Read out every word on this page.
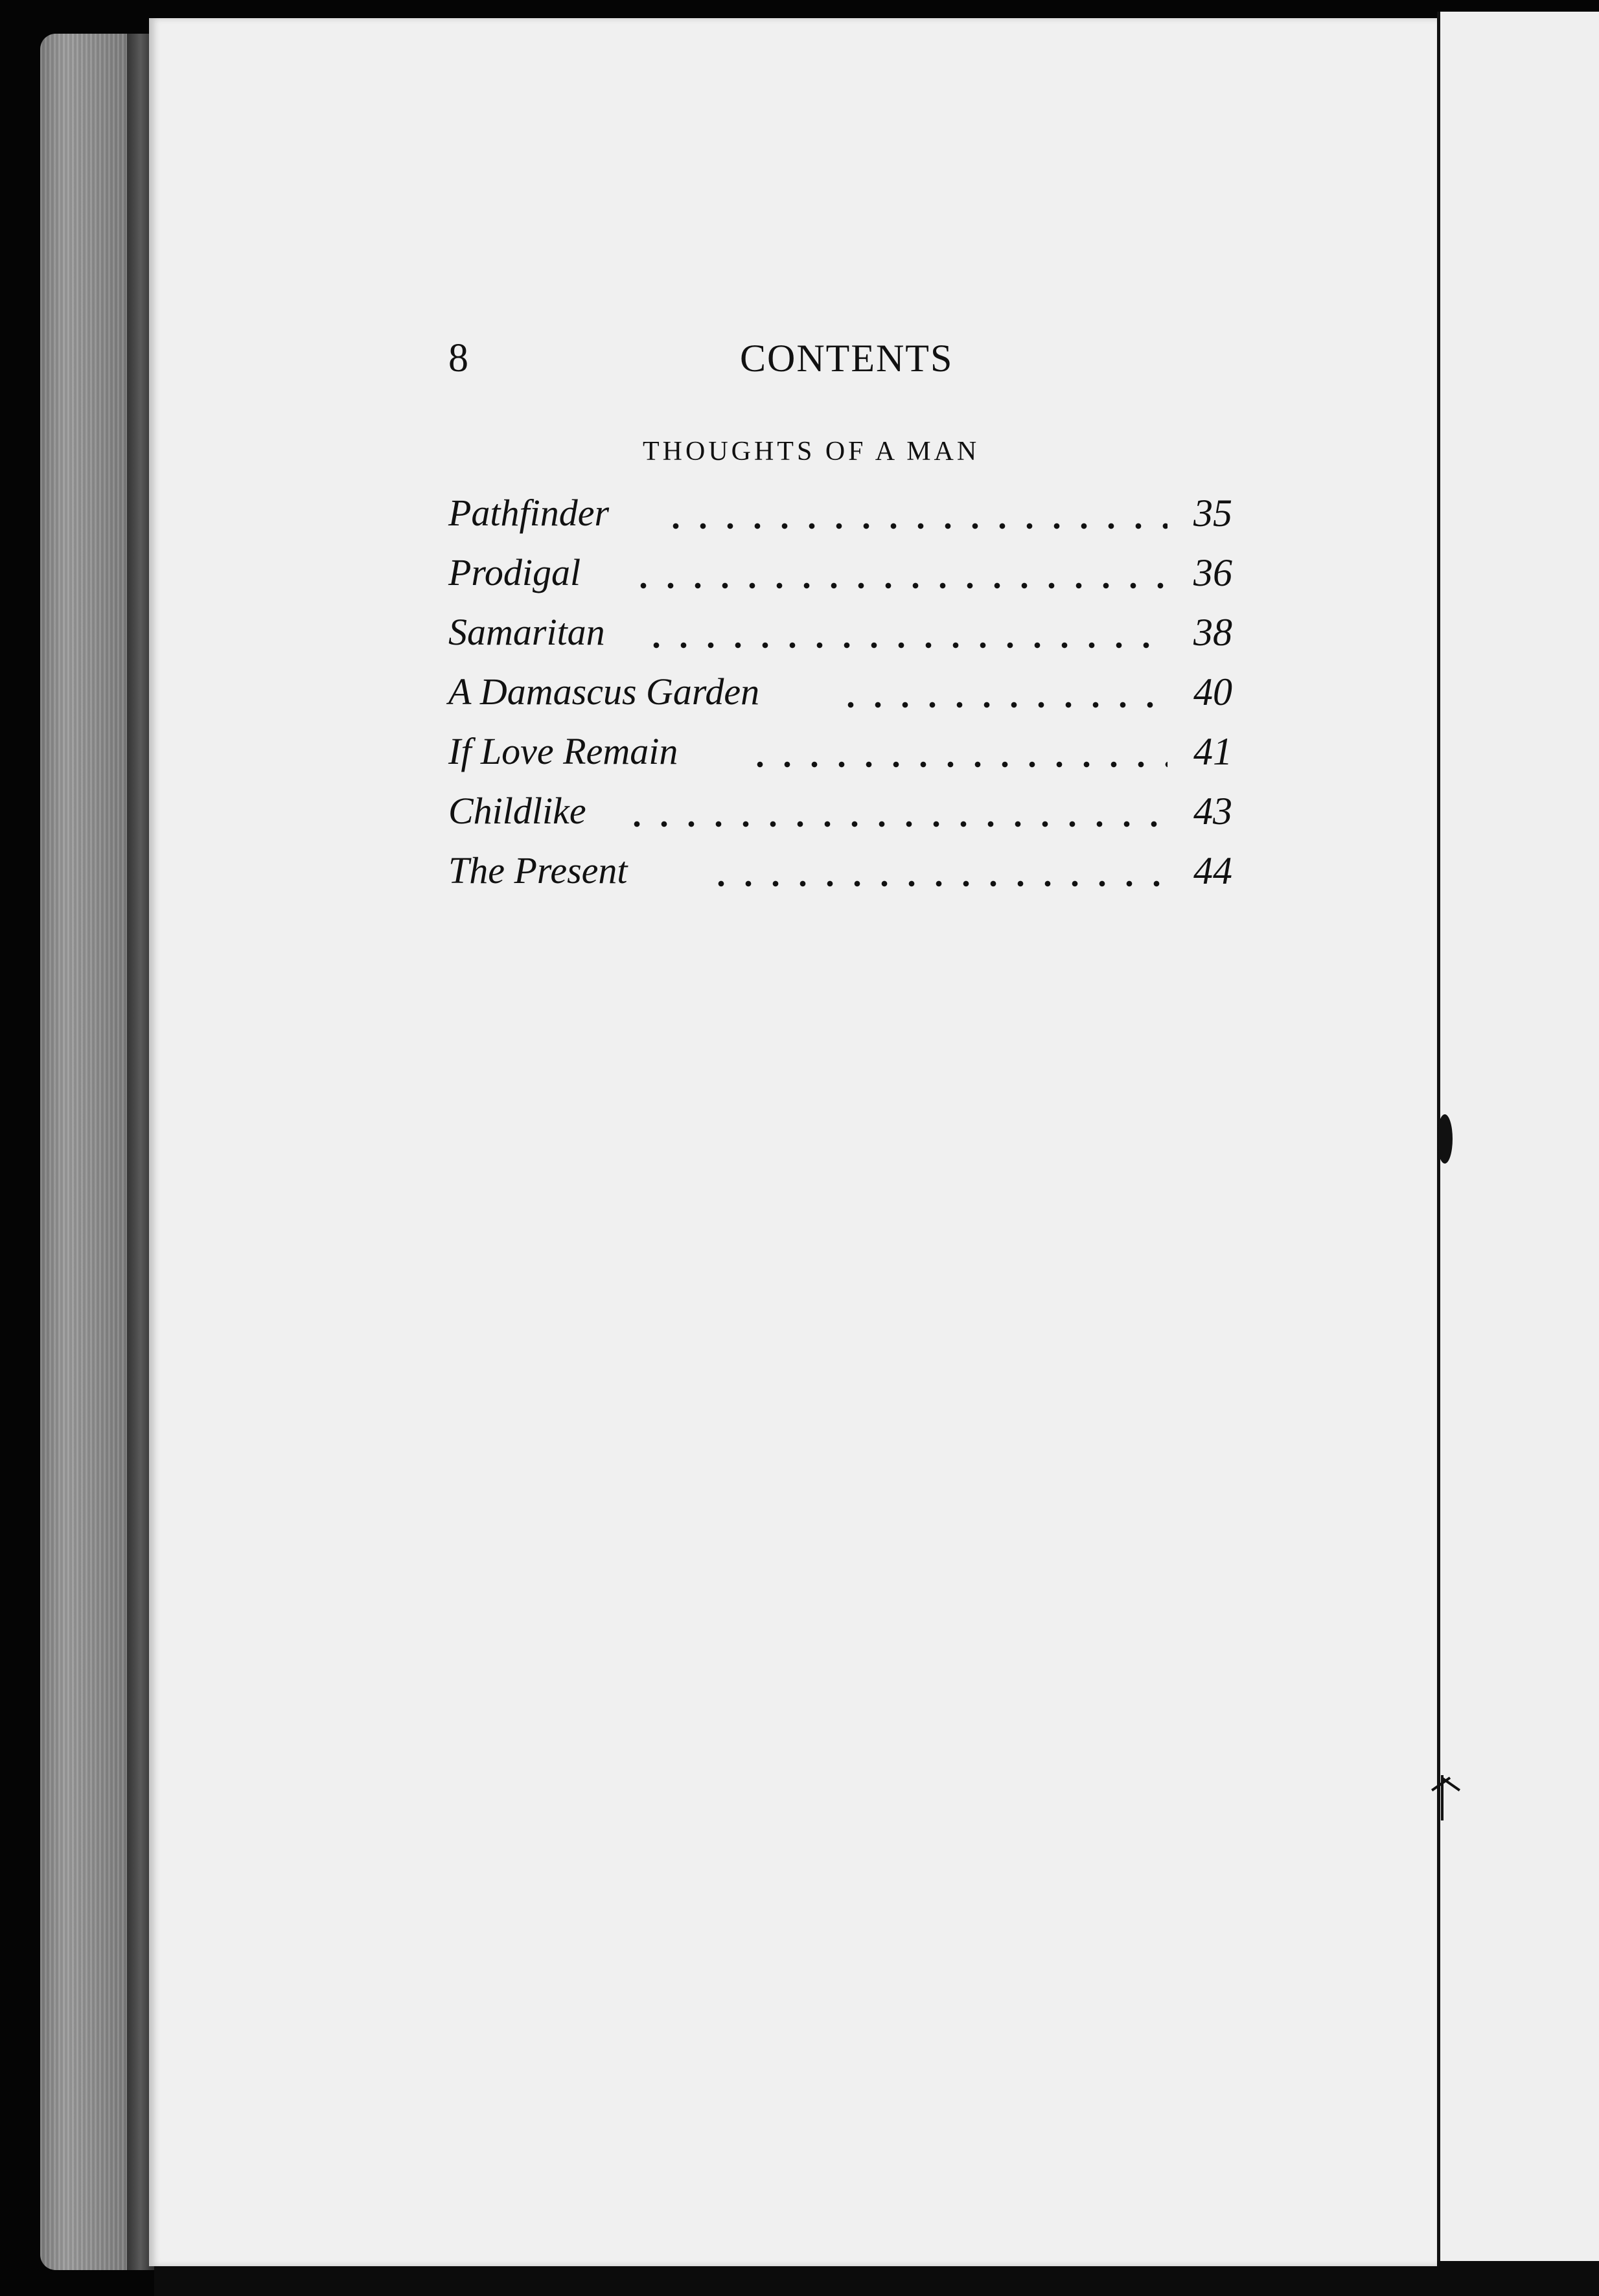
8	CONTENTS
THOUGHTS OF A MAN
Pathfinder	35
Prodigal	36
Samaritan	38
A Damascus Garden	40
If Love Remain	41
Childlike	43
The Present	44
